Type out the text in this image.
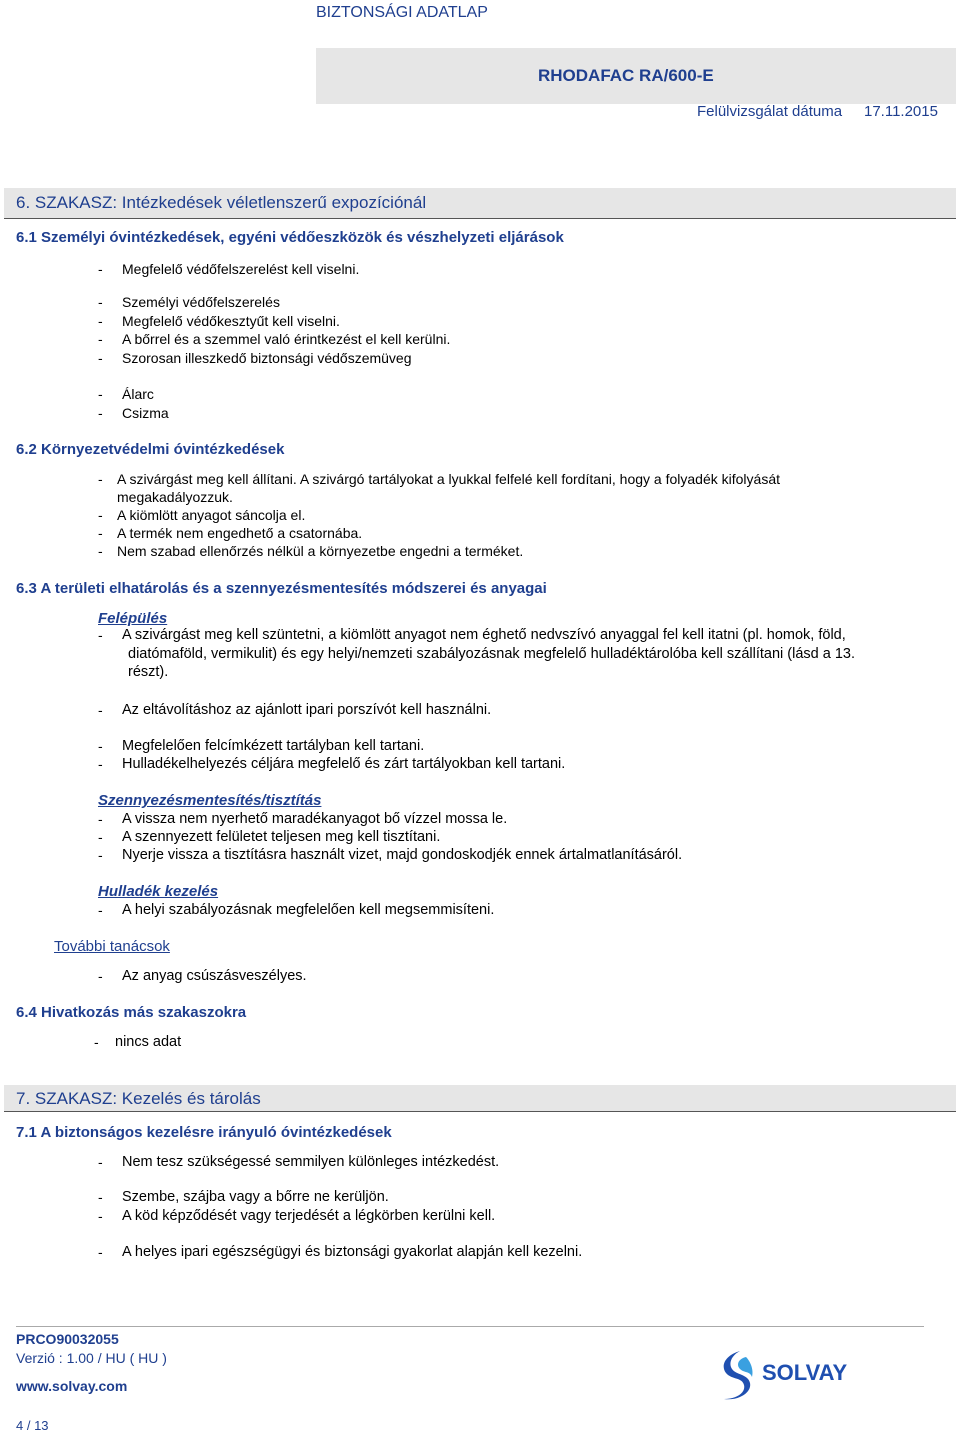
BIZTONSÁGI ADATLAP
RHODAFAC RA/600-E
Felülvizsgálat dátuma 17.11.2015
6. SZAKASZ: Intézkedések véletlenszerű expozíciónál
6.1 Személyi óvintézkedések, egyéni védőeszközök és vészhelyzeti eljárások
- Megfelelő védőfelszerelést kell viselni.
- Személyi védőfelszerelés
- Megfelelő védőkesztyűt kell viselni.
- A bőrrel és a szemmel való érintkezést el kell kerülni.
- Szorosan illeszkedő biztonsági védőszemüveg
- Álarc
- Csizma
6.2 Környezetvédelmi óvintézkedések
- A szivárgást meg kell állítani. A szivárgó tartályokat a lyukkal felfelé kell fordítani, hogy a folyadék kifolyását
megakadályozzuk.
- A kiömlött anyagot sáncolja el.
- A termék nem engedhető a csatornába.
- Nem szabad ellenőrzés nélkül a környezetbe engedni a terméket.
6.3 A területi elhatárolás és a szennyezésmentesítés módszerei és anyagai
Felépülés
- A szivárgást meg kell szüntetni, a kiömlött anyagot nem éghető nedvszívó anyaggal fel kell itatni (pl. homok, föld,
diatómaföld, vermikulit) és egy helyi/nemzeti szabályozásnak megfelelő hulladéktárolóba kell szállítani (lásd a 13.
részt).
- Az eltávolításhoz az ajánlott ipari porszívót kell használni.
- Megfelelően felcímkézett tartályban kell tartani.
- Hulladékelhelyezés céljára megfelelő és zárt tartályokban kell tartani.
Szennyezésmentesítés/tisztítás
- A vissza nem nyerhető maradékanyagot bő vízzel mossa le.
- A szennyezett felületet teljesen meg kell tisztítani.
- Nyerje vissza a tisztításra használt vizet, majd gondoskodjék ennek ártalmatlanításáról.
Hulladék kezelés
- A helyi szabályozásnak megfelelően kell megsemmisíteni.
További tanácsok
- Az anyag csúszásveszélyes.
6.4 Hivatkozás más szakaszokra
- nincs adat
7. SZAKASZ: Kezelés és tárolás
7.1 A biztonságos kezelésre irányuló óvintézkedések
- Nem tesz szükségessé semmilyen különleges intézkedést.
- Szembe, szájba vagy a bőrre ne kerüljön.
- A köd képződését vagy terjedését a légkörben kerülni kell.
- A helyes ipari egészségügyi és biztonsági gyakorlat alapján kell kezelni.
PRCO90032055
Verzió : 1.00 / HU ( HU )
www.solvay.com
4 / 13
SOLVAY
